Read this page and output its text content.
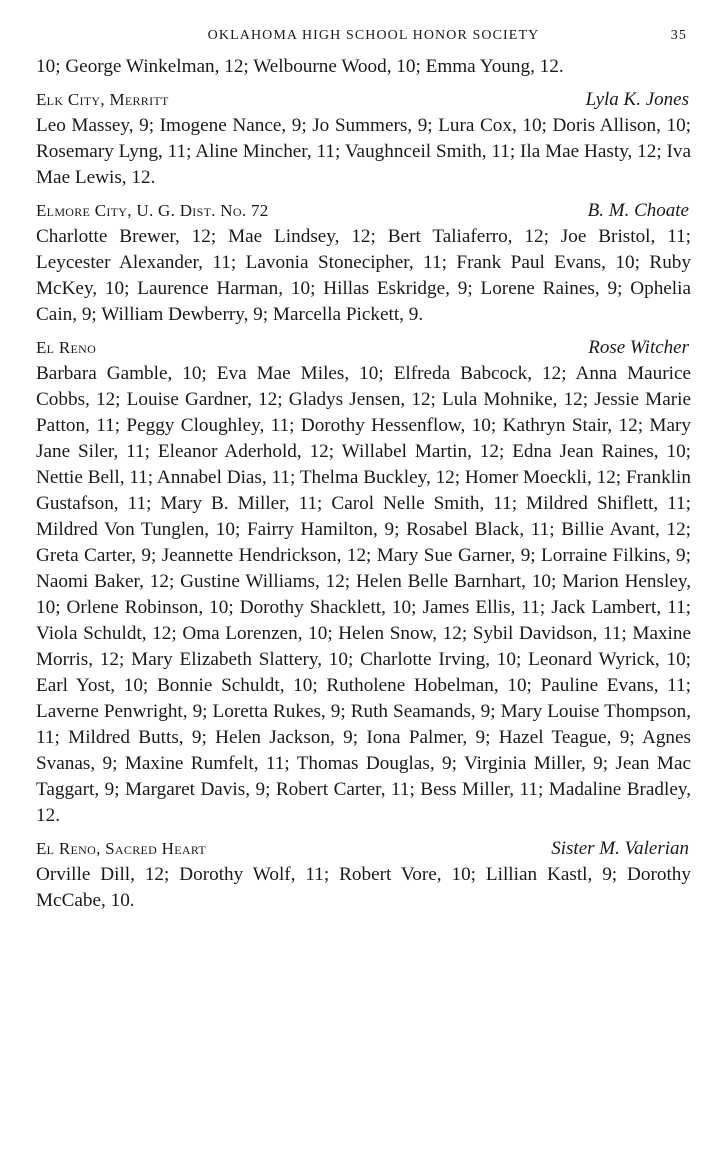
OKLAHOMA HIGH SCHOOL HONOR SOCIETY	35

10; George Winkelman, 12; Welbourne Wood, 10; Emma Young, 12.

Elk City, Merritt	Lyla K. Jones

Leo Massey, 9; Imogene Nance, 9; Jo Summers, 9; Lura Cox, 10; Doris Allison, 10; Rosemary Lyng, 11; Aline Mincher, 11; Vaughnceil Smith, 11; Ila Mae Hasty, 12; Iva Mae Lewis, 12.

Elmore City, U. G. Dist. No. 72	B. M. Choate

Charlotte Brewer, 12; Mae Lindsey, 12; Bert Taliaferro, 12; Joe Bristol, 11; Leycester Alexander, 11; Lavonia Stonecipher, 11; Frank Paul Evans, 10; Ruby McKey, 10; Laurence Harman, 10; Hillas Eskridge, 9; Lorene Raines, 9; Ophelia Cain, 9; William Dewberry, 9; Marcella Pickett, 9.

El Reno	Rose Witcher

Barbara Gamble, 10; Eva Mae Miles, 10; Elfreda Babcock, 12; Anna Maurice Cobbs, 12; Louise Gardner, 12; Gladys Jensen, 12; Lula Mohnike, 12; Jessie Marie Patton, 11; Peggy Cloughley, 11; Dorothy Hessenflow, 10; Kathryn Stair, 12; Mary Jane Siler, 11; Eleanor Aderhold, 12; Willabel Martin, 12; Edna Jean Raines, 10; Nettie Bell, 11; Annabel Dias, 11; Thelma Buckley, 12; Homer Moeckli, 12; Franklin Gustafson, 11; Mary B. Miller, 11; Carol Nelle Smith, 11; Mildred Shiflett, 11; Mildred Von Tunglen, 10; Fairry Hamilton, 9; Rosabel Black, 11; Billie Avant, 12; Greta Carter, 9; Jeannette Hendrickson, 12; Mary Sue Garner, 9; Lorraine Filkins, 9; Naomi Baker, 12; Gustine Williams, 12; Helen Belle Barnhart, 10; Marion Hensley, 10; Orlene Robinson, 10; Dorothy Shacklett, 10; James Ellis, 11; Jack Lambert, 11; Viola Schuldt, 12; Oma Lorenzen, 10; Helen Snow, 12; Sybil Davidson, 11; Maxine Morris, 12; Mary Elizabeth Slattery, 10; Charlotte Irving, 10; Leonard Wyrick, 10; Earl Yost, 10; Bonnie Schuldt, 10; Rutholene Hobelman, 10; Pauline Evans, 11; Laverne Penwright, 9; Loretta Rukes, 9; Ruth Seamands, 9; Mary Louise Thompson, 11; Mildred Butts, 9; Helen Jackson, 9; Iona Palmer, 9; Hazel Teague, 9; Agnes Svanas, 9; Maxine Rumfelt, 11; Thomas Douglas, 9; Virginia Miller, 9; Jean Mac Taggart, 9; Margaret Davis, 9; Robert Carter, 11; Bess Miller, 11; Madaline Bradley, 12.

El Reno, Sacred Heart	Sister M. Valerian

Orville Dill, 12; Dorothy Wolf, 11; Robert Vore, 10; Lillian Kastl, 9; Dorothy McCabe, 10.
